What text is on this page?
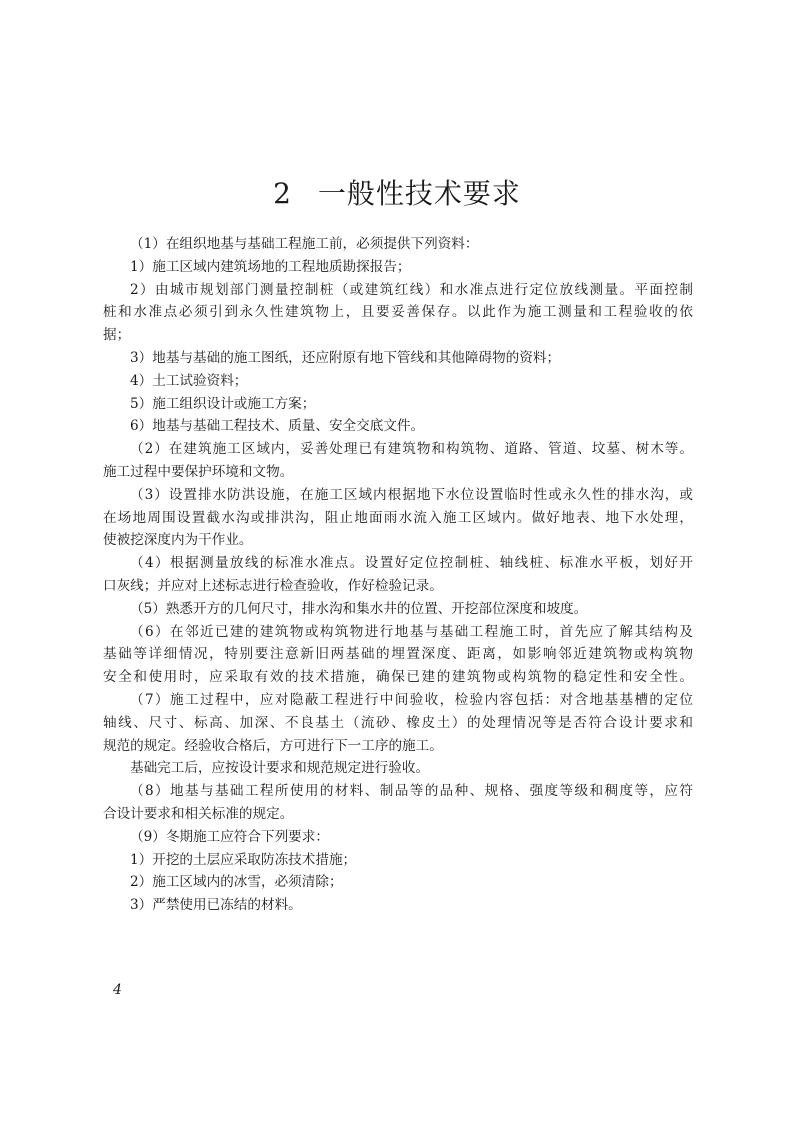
2 一般性技术要求
（1）在组织地基与基础工程施工前，必须提供下列资料：
1）施工区域内建筑场地的工程地质勘探报告；
2）由城市规划部门测量控制桩（或建筑红线）和水准点进行定位放线测量。平面控制
桩和水准点必须引到永久性建筑物上，且要妥善保存。以此作为施工测量和工程验收的依
据；
3）地基与基础的施工图纸，还应附原有地下管线和其他障碍物的资料；
4）土工试验资料；
5）施工组织设计或施工方案；
6）地基与基础工程技术、质量、安全交底文件。
（2）在建筑施工区域内，妥善处理已有建筑物和构筑物、道路、管道、坟墓、树木等。
施工过程中要保护环境和文物。
（3）设置排水防洪设施，在施工区域内根据地下水位设置临时性或永久性的排水沟，或
在场地周围设置截水沟或排洪沟，阻止地面雨水流入施工区域内。做好地表、地下水处理，
使被挖深度内为干作业。
（4）根据测量放线的标准水准点。设置好定位控制桩、轴线桩、标准水平板，划好开
口灰线；并应对上述标志进行检查验收，作好检验记录。
（5）熟悉开方的几何尺寸，排水沟和集水井的位置、开挖部位深度和坡度。
（6）在邻近已建的建筑物或构筑物进行地基与基础工程施工时，首先应了解其结构及
基础等详细情况，特别要注意新旧两基础的埋置深度、距离，如影响邻近建筑物或构筑物
安全和使用时，应采取有效的技术措施，确保已建的建筑物或构筑物的稳定性和安全性。
（7）施工过程中，应对隐蔽工程进行中间验收，检验内容包括：对含地基基槽的定位
轴线、尺寸、标高、加深、不良基土（流砂、橡皮土）的处理情况等是否符合设计要求和
规范的规定。经验收合格后，方可进行下一工序的施工。
基础完工后，应按设计要求和规范规定进行验收。
（8）地基与基础工程所使用的材料、制品等的品种、规格、强度等级和稠度等，应符
合设计要求和相关标准的规定。
（9）冬期施工应符合下列要求：
1）开挖的土层应采取防冻技术措施；
2）施工区域内的冰雪，必须清除；
3）严禁使用已冻结的材料。
4
